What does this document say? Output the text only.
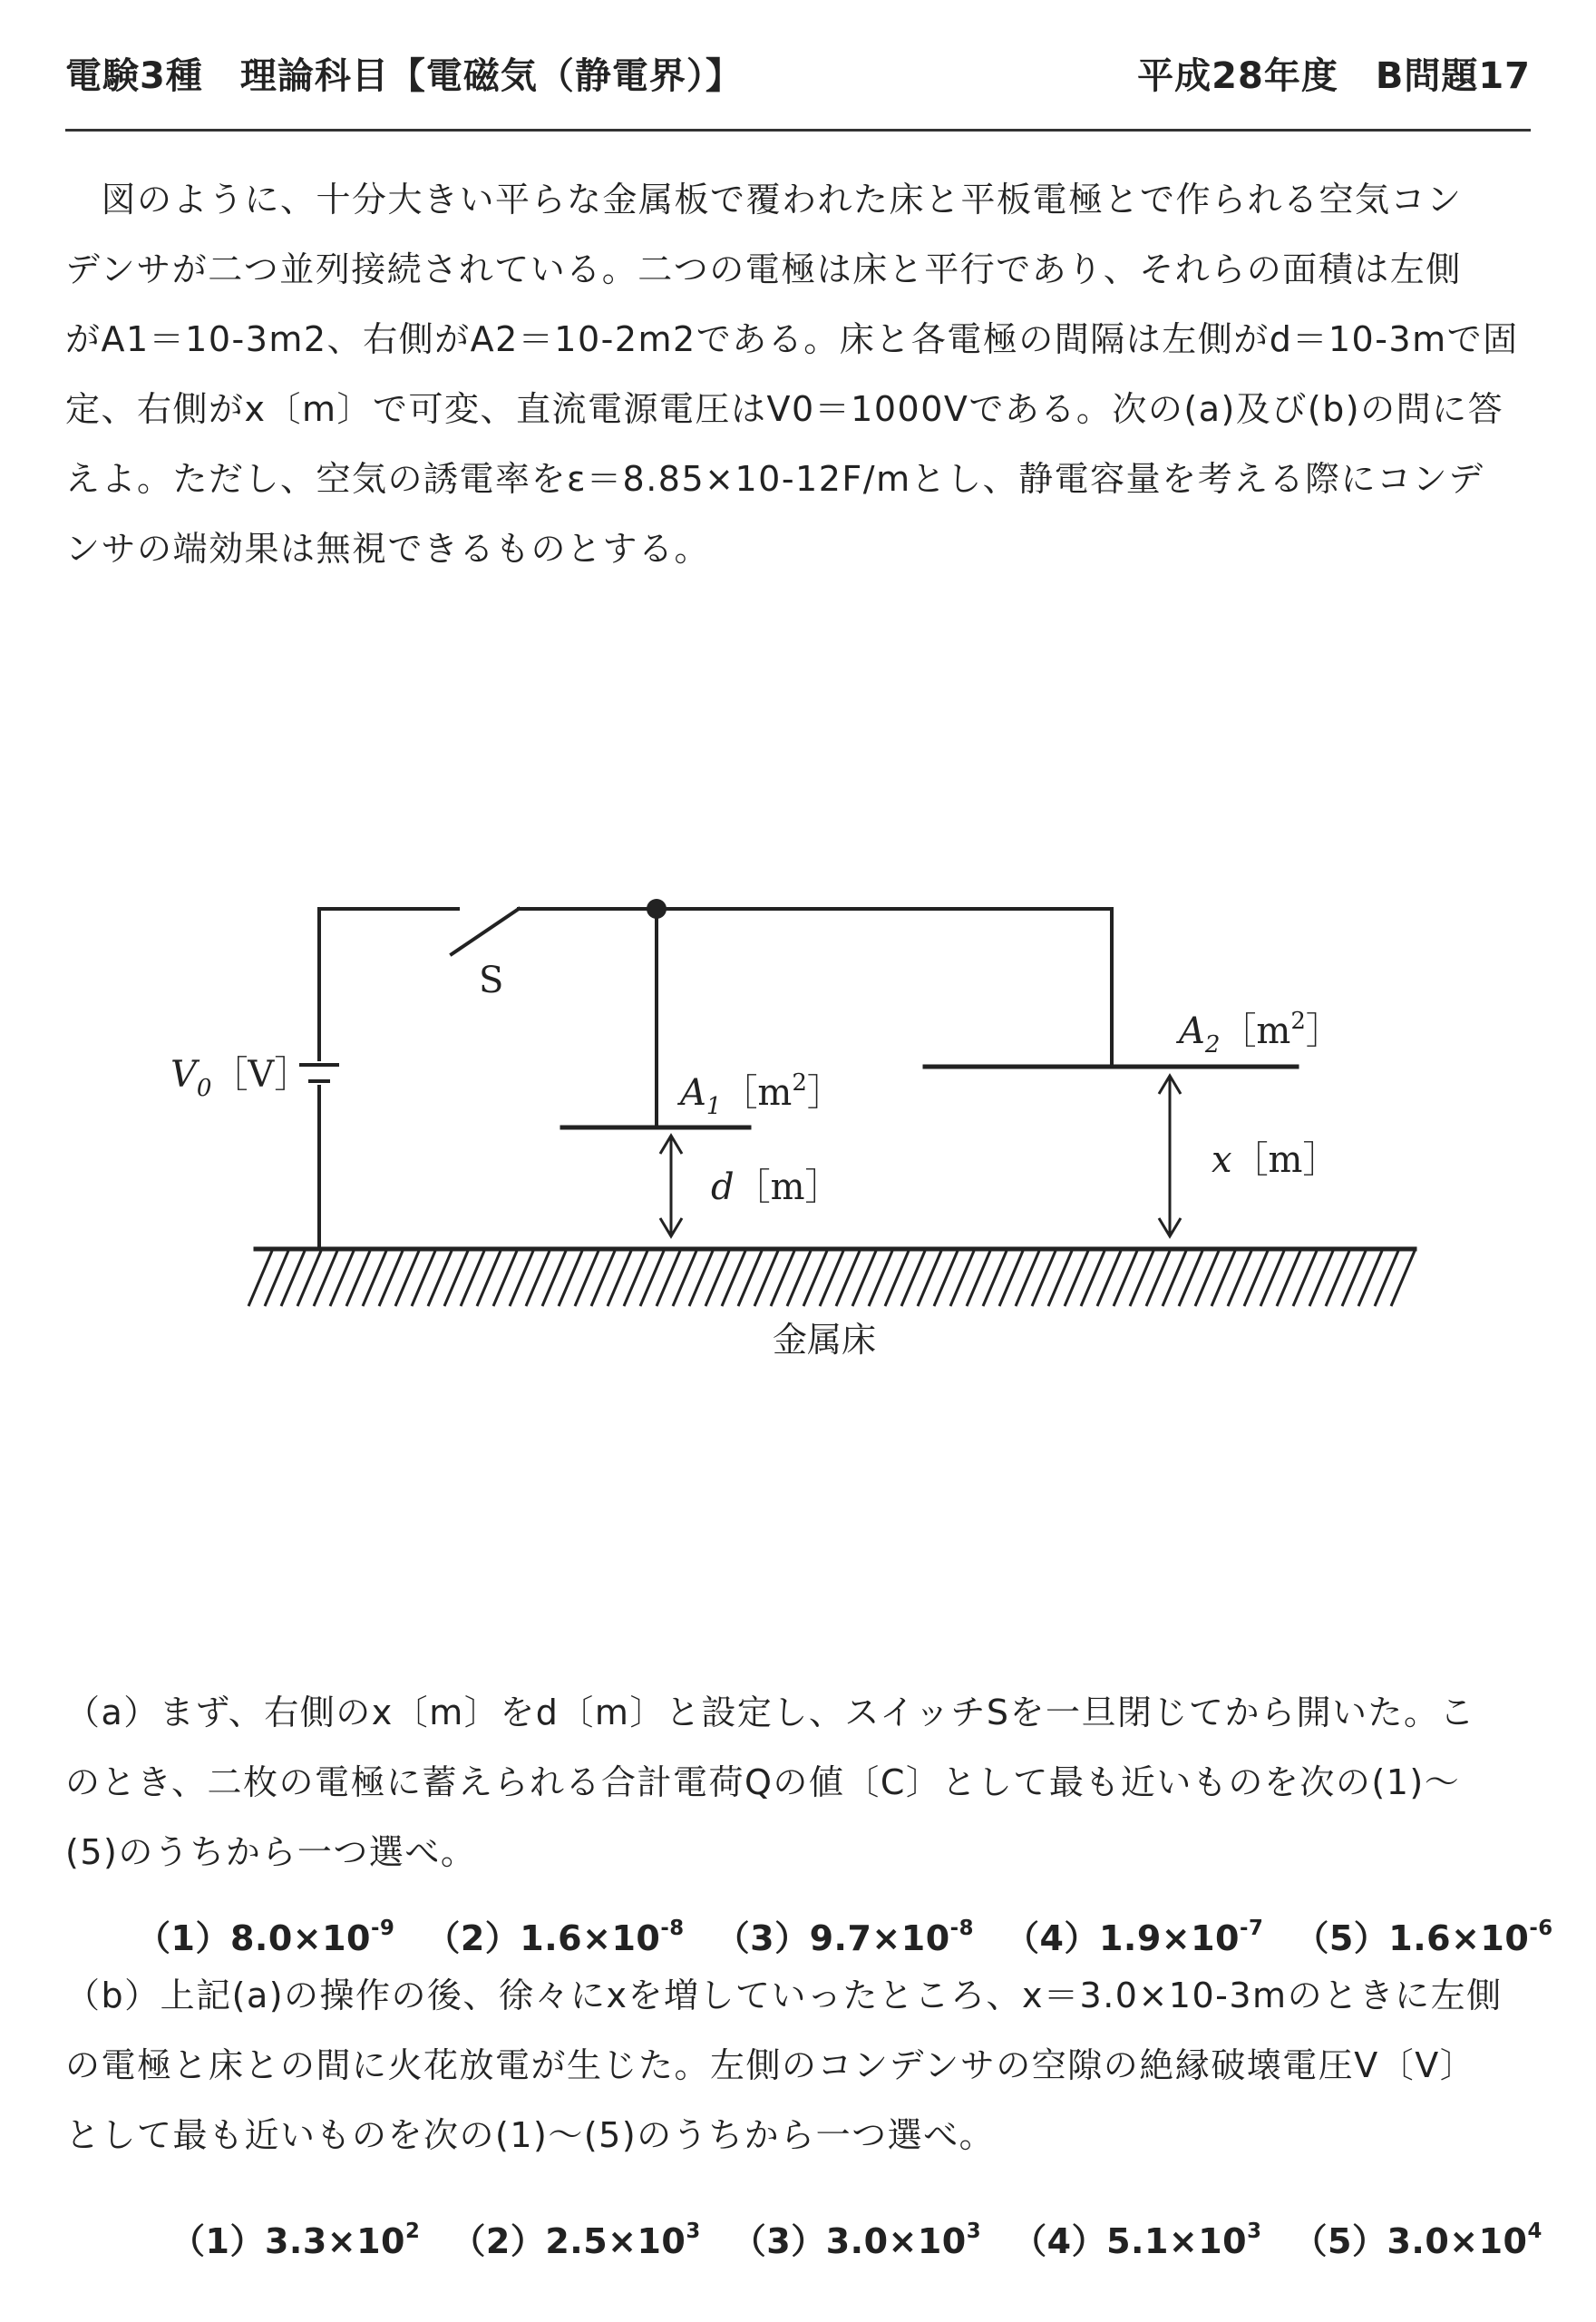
電験3種　理論科目【電磁気（静電界）】	平成28年度　B問題17

　図のように、十分大きい平らな金属板で覆われた床と平板電極とで作られる空気コン

デンサが二つ並列接続されている。二つの電極は床と平行であり、それらの面積は左側

がA1＝10-3m2、右側がA2＝10-2m2である。床と各電極の間隔は左側がd＝10-3mで固

定、右側がx〔m〕で可変、直流電源電圧はV0＝1000Vである。次の(a)及び(b)の問に答

えよ。ただし、空気の誘電率をε＝8.85×10-12F/mとし、静電容量を考える際にコンデ

ンサの端効果は無視できるものとする。

S
$V_0[V]$	$A_1[m^2]$
$A_2[m^2]$
d［m］
x［m］
金属床

（a）まず、右側のx〔m〕をd〔m〕と設定し、スイッチSを一旦閉じてから開いた。こ

のとき、二枚の電極に蓄えられる合計電荷Qの値〔C〕として最も近いものを次の(1)〜

(5)のうちから一つ選べ。

$(1)8.0\times 10^{-9}$ $(2)1.6\times 10^{-8}$ $(3)9.7\times 10^{-8}$ $(4)1.9\times 10^{-7}$ $(5)1.6\times 10^{-6}$

（b）上記(a)の操作の後、徐々にxを増していったところ、x＝3.0×10-3mのときに左側

の電極と床との間に火花放電が生じた。左側のコンデンサの空隙の絶縁破壊電圧V〔V〕

として最も近いものを次の(1)〜(5)のうちから一つ選べ。

$(1)3.3\times 10^2$ $(2)2.5\times 10^3$ $(3)3.0\times 10^3$ $(4)5.1\times 10^3$ $(5)3.0\times 10^4$
